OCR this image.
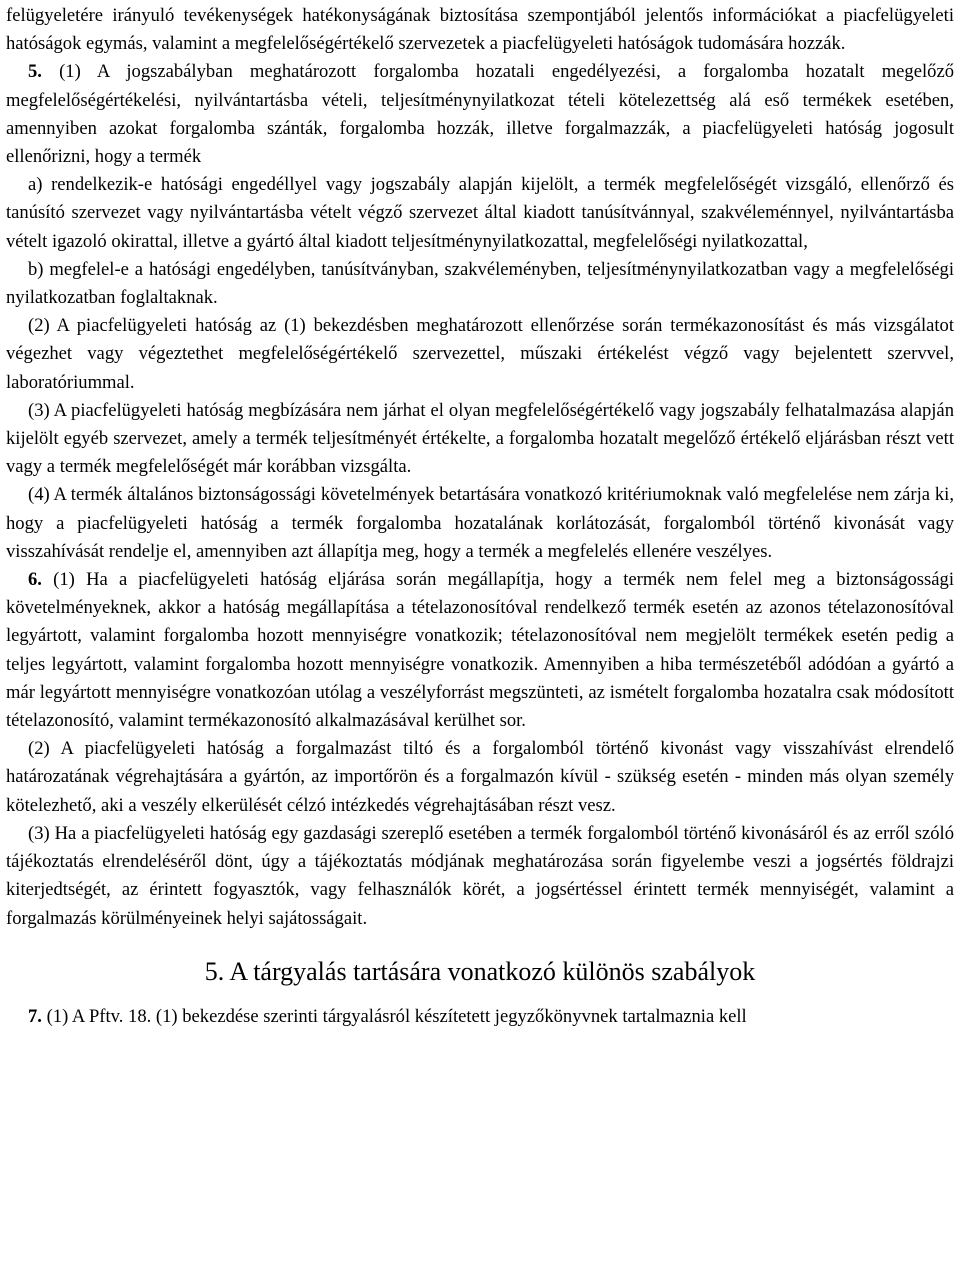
felügyeletére irányuló tevékenységek hatékonyságának biztosítása szempontjából jelentős információkat a piacfelügyeleti hatóságok egymás, valamint a megfelelőségértékelő szervezetek a piacfelügyeleti hatóságok tudomására hozzák.

5. (1) A jogszabályban meghatározott forgalomba hozatali engedélyezési, a forgalomba hozatalt megelőző megfelelőségértékelési, nyilvántartásba vételi, teljesítménynyilatkozat tételi kötelezettség alá eső termékek esetében, amennyiben azokat forgalomba szánták, forgalomba hozzák, illetve forgalmazzák, a piacfelügyeleti hatóság jogosult ellenőrizni, hogy a termék

a) rendelkezik-e hatósági engedéllyel vagy jogszabály alapján kijelölt, a termék megfelelőségét vizsgáló, ellenőrző és tanúsító szervezet vagy nyilvántartásba vételt végző szervezet által kiadott tanúsítvánnyal, szakvéleménnyel, nyilvántartásba vételt igazoló okirattal, illetve a gyártó által kiadott teljesítménynyilatkozattal, megfelelőségi nyilatkozattal,

b) megfelel-e a hatósági engedélyben, tanúsítványban, szakvéleményben, teljesítménynyilatkozatban vagy a megfelelőségi nyilatkozatban foglaltaknak.

(2) A piacfelügyeleti hatóság az (1) bekezdésben meghatározott ellenőrzése során termékazonosítást és más vizsgálatot végezhet vagy végeztethet megfelelőségértékelő szervezettel, műszaki értékelést végző vagy bejelentett szervvel, laboratóriummal.

(3) A piacfelügyeleti hatóság megbízására nem járhat el olyan megfelelőségértékelő vagy jogszabály felhatalmazása alapján kijelölt egyéb szervezet, amely a termék teljesítményét értékelte, a forgalomba hozatalt megelőző értékelő eljárásban részt vett vagy a termék megfelelőségét már korábban vizsgálta.

(4) A termék általános biztonságossági követelmények betartására vonatkozó kritériumoknak való megfelelése nem zárja ki, hogy a piacfelügyeleti hatóság a termék forgalomba hozatalának korlátozását, forgalomból történő kivonását vagy visszahívását rendelje el, amennyiben azt állapítja meg, hogy a termék a megfelelés ellenére veszélyes.

6. (1) Ha a piacfelügyeleti hatóság eljárása során megállapítja, hogy a termék nem felel meg a biztonságossági követelményeknek, akkor a hatóság megállapítása a tételazonosítóval rendelkező termék esetén az azonos tételazonosítóval legyártott, valamint forgalomba hozott mennyiségre vonatkozik; tételazonosítóval nem megjelölt termékek esetén pedig a teljes legyártott, valamint forgalomba hozott mennyiségre vonatkozik. Amennyiben a hiba természetéből adódóan a gyártó a már legyártott mennyiségre vonatkozóan utólag a veszélyforrást megszünteti, az ismételt forgalomba hozatalra csak módosított tételazonosító, valamint termékazonosító alkalmazásával kerülhet sor.

(2) A piacfelügyeleti hatóság a forgalmazást tiltó és a forgalomból történő kivonást vagy visszahívást elrendelő határozatának végrehajtására a gyártón, az importőrön és a forgalmazón kívül - szükség esetén - minden más olyan személy kötelezhető, aki a veszély elkerülését célzó intézkedés végrehajtásában részt vesz.

(3) Ha a piacfelügyeleti hatóság egy gazdasági szereplő esetében a termék forgalomból történő kivonásáról és az erről szóló tájékoztatás elrendeléséről dönt, úgy a tájékoztatás módjának meghatározása során figyelembe veszi a jogsértés földrajzi kiterjedtségét, az érintett fogyasztók, vagy felhasználók körét, a jogsértéssel érintett termék mennyiségét, valamint a forgalmazás körülményeinek helyi sajátosságait.

5. A tárgyalás tartására vonatkozó különös szabályok

7. (1) A Pftv. 18. (1) bekezdése szerinti tárgyalásról készítetett jegyzőkönyvnek tartalmaznia kell
